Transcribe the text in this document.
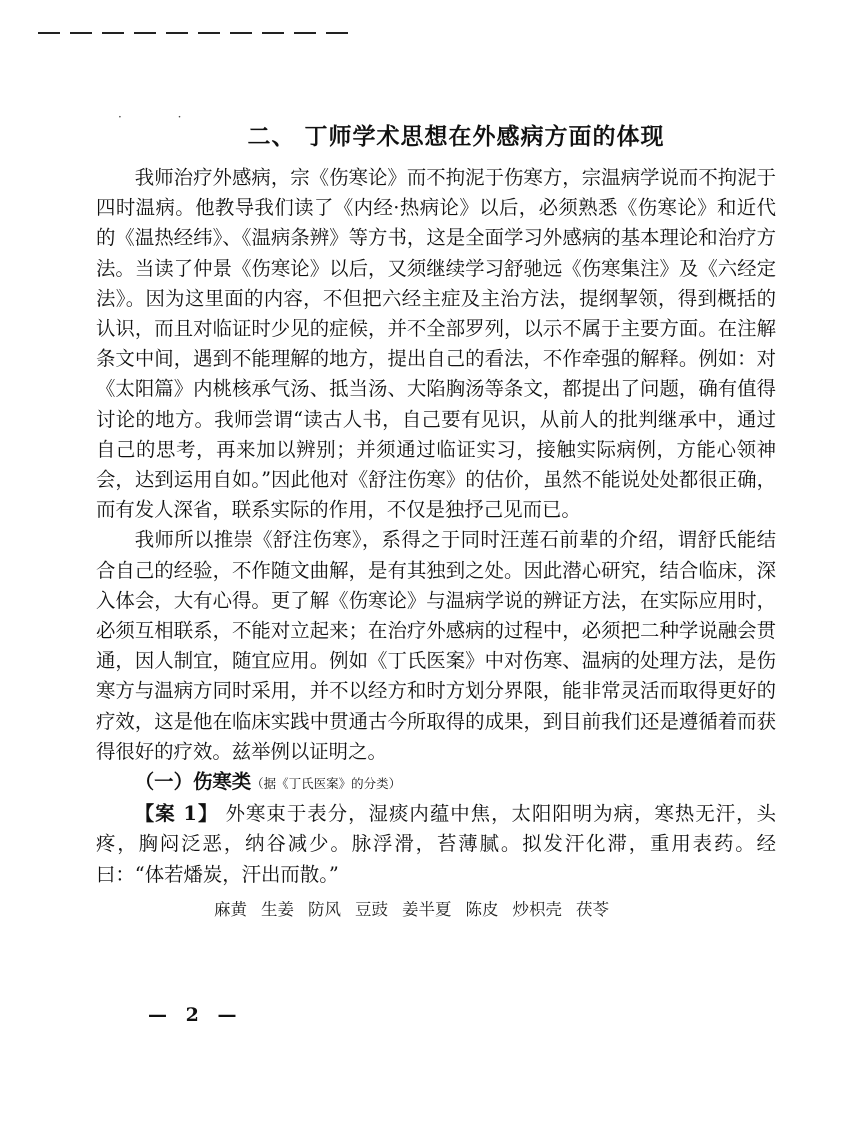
· ·
二、 丁师学术思想在外感病方面的体现

我师治疗外感病，宗《伤寒论》而不拘泥于伤寒方，宗温病学说而不拘泥于四时温病。他教导我们读了《内经·热病论》以后，必须熟悉《伤寒论》和近代的《温热经纬》、《温病条辨》等方书，这是全面学习外感病的基本理论和治疗方法。当读了仲景《伤寒论》以后，又须继续学习舒驰远《伤寒集注》及《六经定法》。因为这里面的内容，不但把六经主症及主治方法，提纲挈领，得到概括的认识，而且对临证时少见的症候，并不全部罗列，以示不属于主要方面。在注解条文中间，遇到不能理解的地方，提出自己的看法，不作牵强的解释。例如：对《太阳篇》内桃核承气汤、抵当汤、大陷胸汤等条文，都提出了问题，确有值得讨论的地方。我师尝谓“读古人书，自己要有见识，从前人的批判继承中，通过自己的思考，再来加以辨别；并须通过临证实习，接触实际病例，方能心领神会，达到运用自如。”因此他对《舒注伤寒》的估价，虽然不能说处处都很正确，而有发人深省，联系实际的作用，不仅是独抒己见而已。

我师所以推崇《舒注伤寒》，系得之于同时汪莲石前辈的介绍，谓舒氏能结合自己的经验，不作随文曲解，是有其独到之处。因此潜心研究，结合临床，深入体会，大有心得。更了解《伤寒论》与温病学说的辨证方法，在实际应用时，必须互相联系，不能对立起来；在治疗外感病的过程中，必须把二种学说融会贯通，因人制宜，随宜应用。例如《丁氏医案》中对伤寒、温病的处理方法，是伤寒方与温病方同时采用，并不以经方和时方划分界限，能非常灵活而取得更好的疗效，这是他在临床实践中贯通古今所取得的成果，到目前我们还是遵循着而获得很好的疗效。兹举例以证明之。

（一）伤寒类（据《丁氏医案》的分类）

【案 1】 外寒束于表分，湿痰内蕴中焦，太阳阳明为病，寒热无汗，头疼，胸闷泛恶，纳谷减少。脉浮滑，苔薄腻。拟发汗化滞，重用表药。经曰：“体若燔炭，汗出而散。”

麻黄 生姜 防风 豆豉 姜半夏 陈皮 炒枳壳 茯苓
— 2 —
